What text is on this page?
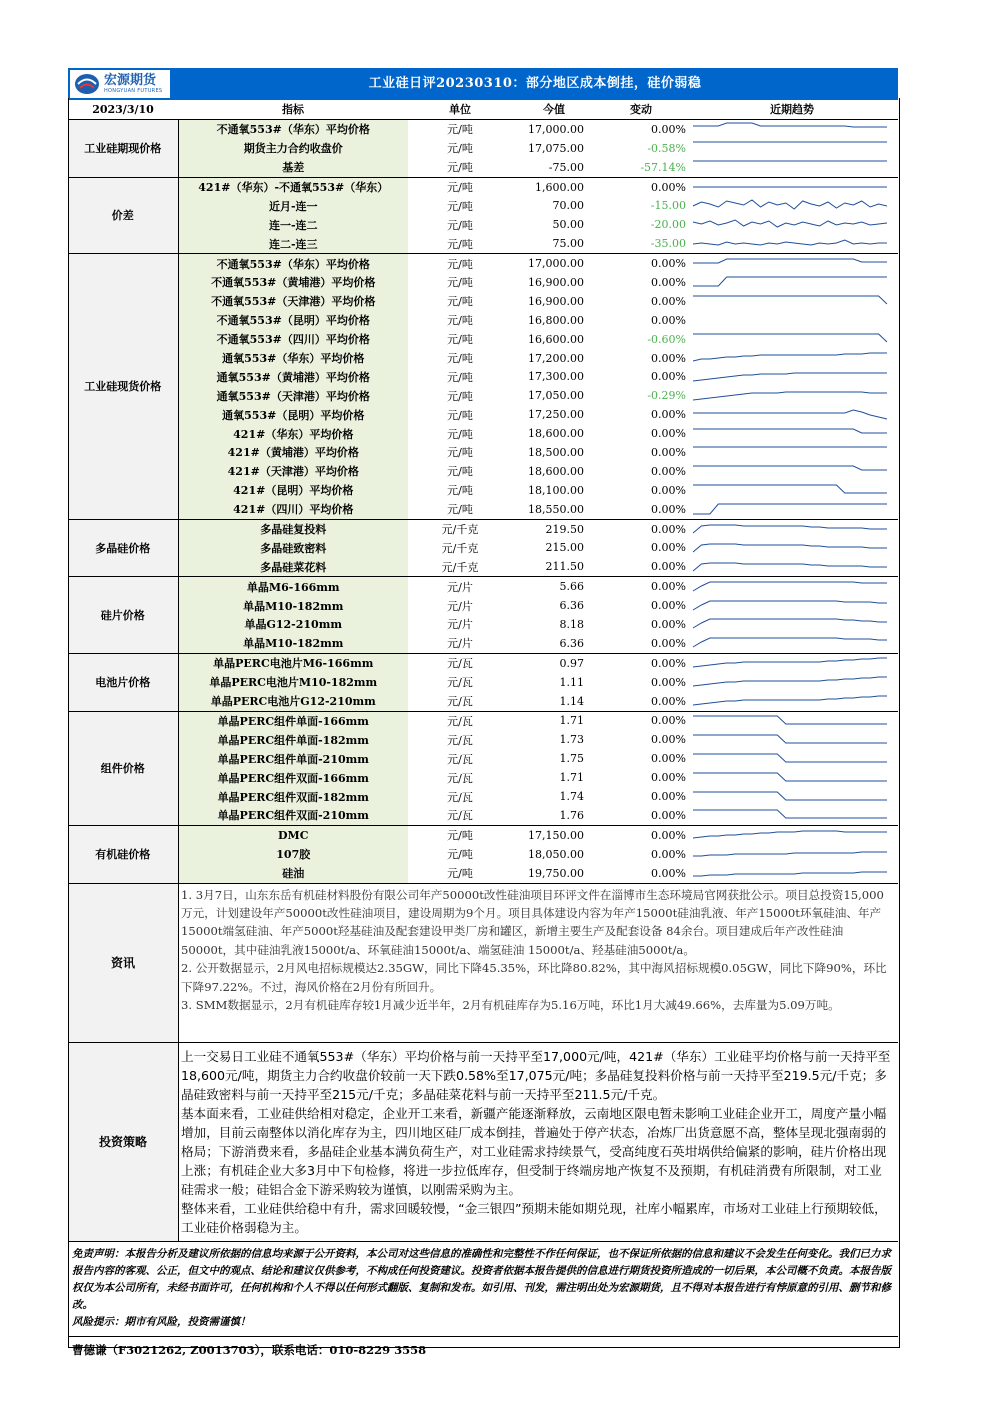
宏源期货
HONGYUAN FUTURES	工业硅日评20230310：部分地区成本倒挂，硅价弱稳
2023/3/10	指标	单位	今值	变动	近期趋势
工业硅期现价格	不通氧553#（华东）平均价格	元/吨	17,000.00	0.00%	

	期货主力合约收盘价	元/吨	17,075.00	-0.58%	

	基差	元/吨	-75.00	-57.14%	

价差	421#（华东）-不通氧553#（华东）	元/吨	1,600.00	0.00%	

	近月-连一	元/吨	70.00	-15.00	

	连一-连二	元/吨	50.00	-20.00	

	连二-连三	元/吨	75.00	-35.00	

工业硅现货价格	不通氧553#（华东）平均价格	元/吨	17,000.00	0.00%	

	不通氧553#（黄埔港）平均价格	元/吨	16,900.00	0.00%	

	不通氧553#（天津港）平均价格	元/吨	16,900.00	0.00%	

	不通氧553#（昆明）平均价格	元/吨	16,800.00	0.00%	

	不通氧553#（四川）平均价格	元/吨	16,600.00	-0.60%	

	通氧553#（华东）平均价格	元/吨	17,200.00	0.00%	

	通氧553#（黄埔港）平均价格	元/吨	17,300.00	0.00%	

	通氧553#（天津港）平均价格	元/吨	17,050.00	-0.29%	

	通氧553#（昆明）平均价格	元/吨	17,250.00	0.00%	

	421#（华东）平均价格	元/吨	18,600.00	0.00%	

	421#（黄埔港）平均价格	元/吨	18,500.00	0.00%	

	421#（天津港）平均价格	元/吨	18,600.00	0.00%	

	421#（昆明）平均价格	元/吨	18,100.00	0.00%	

	421#（四川）平均价格	元/吨	18,550.00	0.00%	

多晶硅价格	多晶硅复投料	元/千克	219.50	0.00%	

	多晶硅致密料	元/千克	215.00	0.00%	

	多晶硅菜花料	元/千克	211.50	0.00%	

硅片价格	单晶M6-166mm	元/片	5.66	0.00%	

	单晶M10-182mm	元/片	6.36	0.00%	

	单晶G12-210mm	元/片	8.18	0.00%	

	单晶M10-182mm	元/片	6.36	0.00%	

电池片价格	单晶PERC电池片M6-166mm	元/瓦	0.97	0.00%	

	单晶PERC电池片M10-182mm	元/瓦	1.11	0.00%	

	单晶PERC电池片G12-210mm	元/瓦	1.14	0.00%	

组件价格	单晶PERC组件单面-166mm	元/瓦	1.71	0.00%	

	单晶PERC组件单面-182mm	元/瓦	1.73	0.00%	

	单晶PERC组件单面-210mm	元/瓦	1.75	0.00%	

	单晶PERC组件双面-166mm	元/瓦	1.71	0.00%	

	单晶PERC组件双面-182mm	元/瓦	1.74	0.00%	

	单晶PERC组件双面-210mm	元/瓦	1.76	0.00%	

有机硅价格	DMC	元/吨	17,150.00	0.00%	

	107胶	元/吨	18,050.00	0.00%	

	硅油	元/吨	19,750.00	0.00%	
资讯
1. 3月7日，山东东岳有机硅材料股份有限公司年产50000t改性硅油项目环评文件在淄博市生态环境局官网获批公示。项目总投资15,000万元，计划建设年产50000t改性硅油项目，建设周期为9个月。项目具体建设内容为年产15000t硅油乳液、年产15000t环氧硅油、年产15000t端氢硅油、年产5000t羟基硅油及配套建设甲类厂房和罐区，新增主要生产及配套设备 84余台。项目建成后年产改性硅油50000t，其中硅油乳液15000t/a、环氧硅油15000t/a、端氢硅油 15000t/a、羟基硅油5000t/a。
2. 公开数据显示，2月风电招标规模达2.35GW，同比下降45.35%，环比降80.82%，其中海风招标规模0.05GW，同比下降90%，环比下降97.22%。不过，海风价格在2月份有所回升。
3. SMM数据显示，2月有机硅库存较1月减少近半年，2月有机硅库存为5.16万吨，环比1月大减49.66%，去库量为5.09万吨。
投资策略
上一交易日工业硅不通氧553#（华东）平均价格与前一天持平至17,000元/吨，421#（华东）工业硅平均价格与前一天持平至18,600元/吨，期货主力合约收盘价较前一天下跌0.58%至17,075元/吨；多晶硅复投料价格与前一天持平至219.5元/千克；多晶硅致密料与前一天持平至215元/千克；多晶硅菜花料与前一天持平至211.5元/千克。
基本面来看，工业硅供给相对稳定，企业开工来看，新疆产能逐渐释放，云南地区限电暂未影响工业硅企业开工，周度产量小幅增加，目前云南整体以消化库存为主，四川地区硅厂成本倒挂，普遍处于停产状态，冶炼厂出货意愿不高，整体呈现北强南弱的格局；下游消费来看，多晶硅企业基本满负荷生产，对工业硅需求持续景气，受高纯度石英坩埚供给偏紧的影响，硅片价格出现上涨；有机硅企业大多3月中下旬检修，将进一步拉低库存，但受制于终端房地产恢复不及预期，有机硅消费有所限制，对工业硅需求一般；硅铝合金下游采购较为谨慎，以刚需采购为主。
整体来看，工业硅供给稳中有升，需求回暖较慢，“金三银四”预期未能如期兑现，社库小幅累库，市场对工业硅上行预期较低，工业硅价格弱稳为主。
免责声明：本报告分析及建议所依据的信息均来源于公开资料，本公司对这些信息的准确性和完整性不作任何保证，也不保证所依据的信息和建议不会发生任何变化。我们已力求报告内容的客观、公正，但文中的观点、结论和建议仅供参考，不构成任何投资建议。投资者依据本报告提供的信息进行期货投资所造成的一切后果，本公司概不负责。本报告版权仅为本公司所有，未经书面许可，任何机构和个人不得以任何形式翻版、复制和发布。如引用、刊发，需注明出处为宏源期货，且不得对本报告进行有悖原意的引用、删节和修改。
风险提示：期市有风险，投资需谨慎！
曹德谦（F3021262, Z0013703），联系电话：010-8229 3558
